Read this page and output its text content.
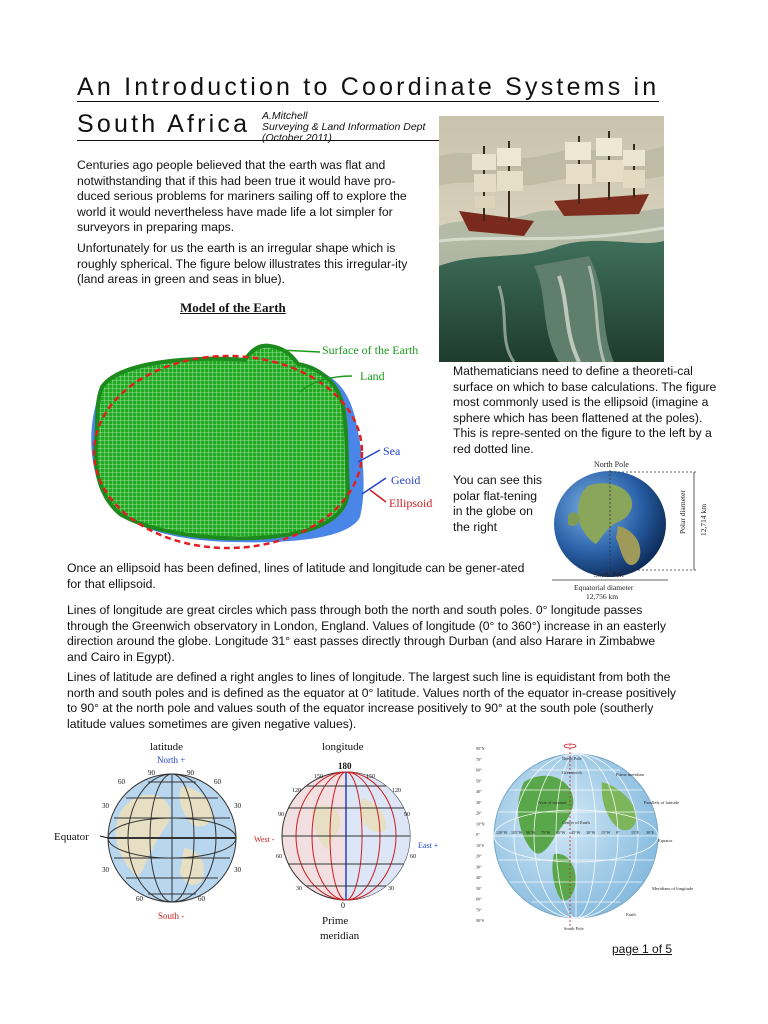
An Introduction to Coordinate Systems in
South Africa A.Mitchell
Surveying & Land Information Dept
(October 2011)

Centuries ago people believed that the earth was flat and notwithstanding that if this had been true it would have pro-duced serious problems for mariners sailing off to explore the world it would nevertheless have made life a lot simpler for surveyors in preparing maps.

Unfortunately for us the earth is an irregular shape which is roughly spherical. The figure below illustrates this irregular-ity (land areas in green and seas in blue).

Model of the Earth
Surface of the Earth
Land
Sea
Geoid
Ellipsoid

Mathematicians need to define a theoreti-cal surface on which to base calculations. The figure most commonly used is the ellipsoid (imagine a sphere which has been flattened at the poles). This is repre-sented on the figure to the left by a red dotted line.

You can see this polar flat-tening in the globe on the right

North Pole
South Pole
Equatorial diameter
12,756 km
Polar diameter 12,714 km

Once an ellipsoid has been defined, lines of latitude and longitude can be gener-ated for that ellipsoid.

Lines of longitude are great circles which pass through both the north and south poles. 0° longitude passes through the Greenwich observatory in London, England. Values of longitude (0° to 360°) increase in an easterly direction around the globe. Longitude 31° east passes directly through Durban (and also Harare in Zimbabwe and Cairo in Egypt).

Lines of latitude are defined a right angles to lines of longitude. The largest such line is equidistant from both the north and south poles and is defined as the equator at 0° latitude. Values north of the equator in-crease positively to 90° at the north pole and values south of the equator increase positively to 90° at the south pole (southerly latitude values sometimes are given negative values).

latitude
North +
90	90
60	60
30	30
30	30
60	60
Equator
South -
longitude
180
150	150
120	120
90	90
60	60
30	30
West -
East +
0
Prime
meridian
North Pole
Greenwich	Prime meridian
Parallels of latitude
Axis of rotation
Center of Earth
Equator
Meridians of longitude
Earth
South Pole
90°N
70°
60°
50°
40°
30°
20°
10°N
0°
10°S
20°
30°
40°
50°
60°
70°
90°S
120°W 105°W 90°W 75°W 60°W 45°W 30°W 15°W 0°	15°E 30°E
page 1 of 5
